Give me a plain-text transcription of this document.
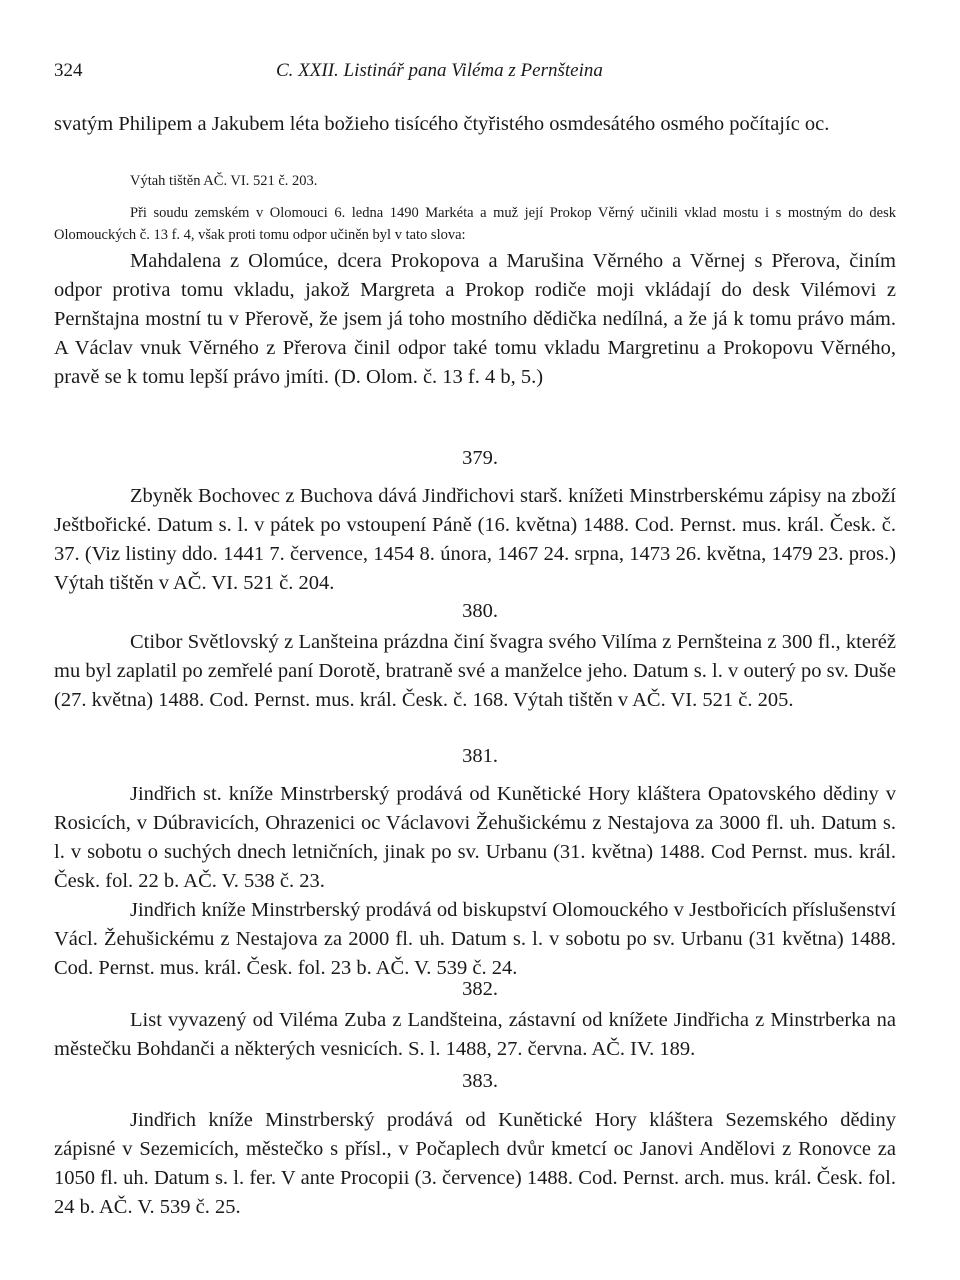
324	C. XXII. Listinář pana Viléma z Pernšteina

svatým Philipem a Jakubem léta božieho tisícého čtyřistého osmdesátého osmého počítajíc oc.

Výtah tištěn AČ. VI. 521 č. 203.

Při soudu zemském v Olomouci 6. ledna 1490 Markéta a muž její Prokop Věrný učinili vklad mostu i s mostným do desk Olomouckých č. 13 f. 4, však proti tomu odpor učiněn byl v tato slova:

Mahdalena z Olomúce, dcera Prokopova a Marušina Věrného a Věrnej s Přerova, činím odpor protiva tomu vkladu, jakož Margreta a Prokop rodiče moji vkládají do desk Vilémovi z Pernštajna mostní tu v Přerově, že jsem já toho mostního dědička nedílná, a že já k tomu právo mám. A Václav vnuk Věrného z Přerova činil odpor také tomu vkladu Margretinu a Prokopovu Věrného, pravě se k tomu lepší právo jmíti. (D. Olom. č. 13 f. 4 b, 5.)

379.

Zbyněk Bochovec z Buchova dává Jindřichovi starš. knížeti Minstrberskému zápisy na zboží Ještbořické. Datum s. l. v pátek po vstoupení Páně (16. května) 1488. Cod. Pernst. mus. král. Česk. č. 37. (Viz listiny ddo. 1441 7. července, 1454 8. února, 1467 24. srpna, 1473 26. května, 1479 23. pros.) Výtah tištěn v AČ. VI. 521 č. 204.

380.

Ctibor Světlovský z Lanšteina prázdna činí švagra svého Vilíma z Pernšteina z 300 fl., kteréž mu byl zaplatil po zemřelé paní Dorotě, bratraně své a manželce jeho. Datum s. l. v outerý po sv. Duše (27. května) 1488. Cod. Pernst. mus. král. Česk. č. 168. Výtah tištěn v AČ. VI. 521 č. 205.

381.

Jindřich st. kníže Minstrberský prodává od Kunětické Hory kláštera Opatovského dědiny v Rosicích, v Dúbravicích, Ohrazenici oc Václavovi Žehušickému z Nestajova za 3000 fl. uh. Datum s. l. v sobotu o suchých dnech letničních, jinak po sv. Urbanu (31. května) 1488. Cod Pernst. mus. král. Česk. fol. 22 b. AČ. V. 538 č. 23.

Jindřich kníže Minstrberský prodává od biskupství Olomouckého v Jestbořicích příslušenství Václ. Žehušickému z Nestajova za 2000 fl. uh. Datum s. l. v sobotu po sv. Urbanu (31 května) 1488. Cod. Pernst. mus. král. Česk. fol. 23 b. AČ. V. 539 č. 24.

382.

List vyvazený od Viléma Zuba z Landšteina, zástavní od knížete Jindřicha z Minstrberka na městečku Bohdanči a některých vesnicích. S. l. 1488, 27. června. AČ. IV. 189.

383.

Jindřich kníže Minstrberský prodává od Kunětické Hory kláštera Sezemského dědiny zápisné v Sezemicích, městečko s přísl., v Počaplech dvůr kmetcí oc Janovi Andělovi z Ronovce za 1050 fl. uh. Datum s. l. fer. V ante Procopii (3. července) 1488. Cod. Pernst. arch. mus. král. Česk. fol. 24 b. AČ. V. 539 č. 25.
